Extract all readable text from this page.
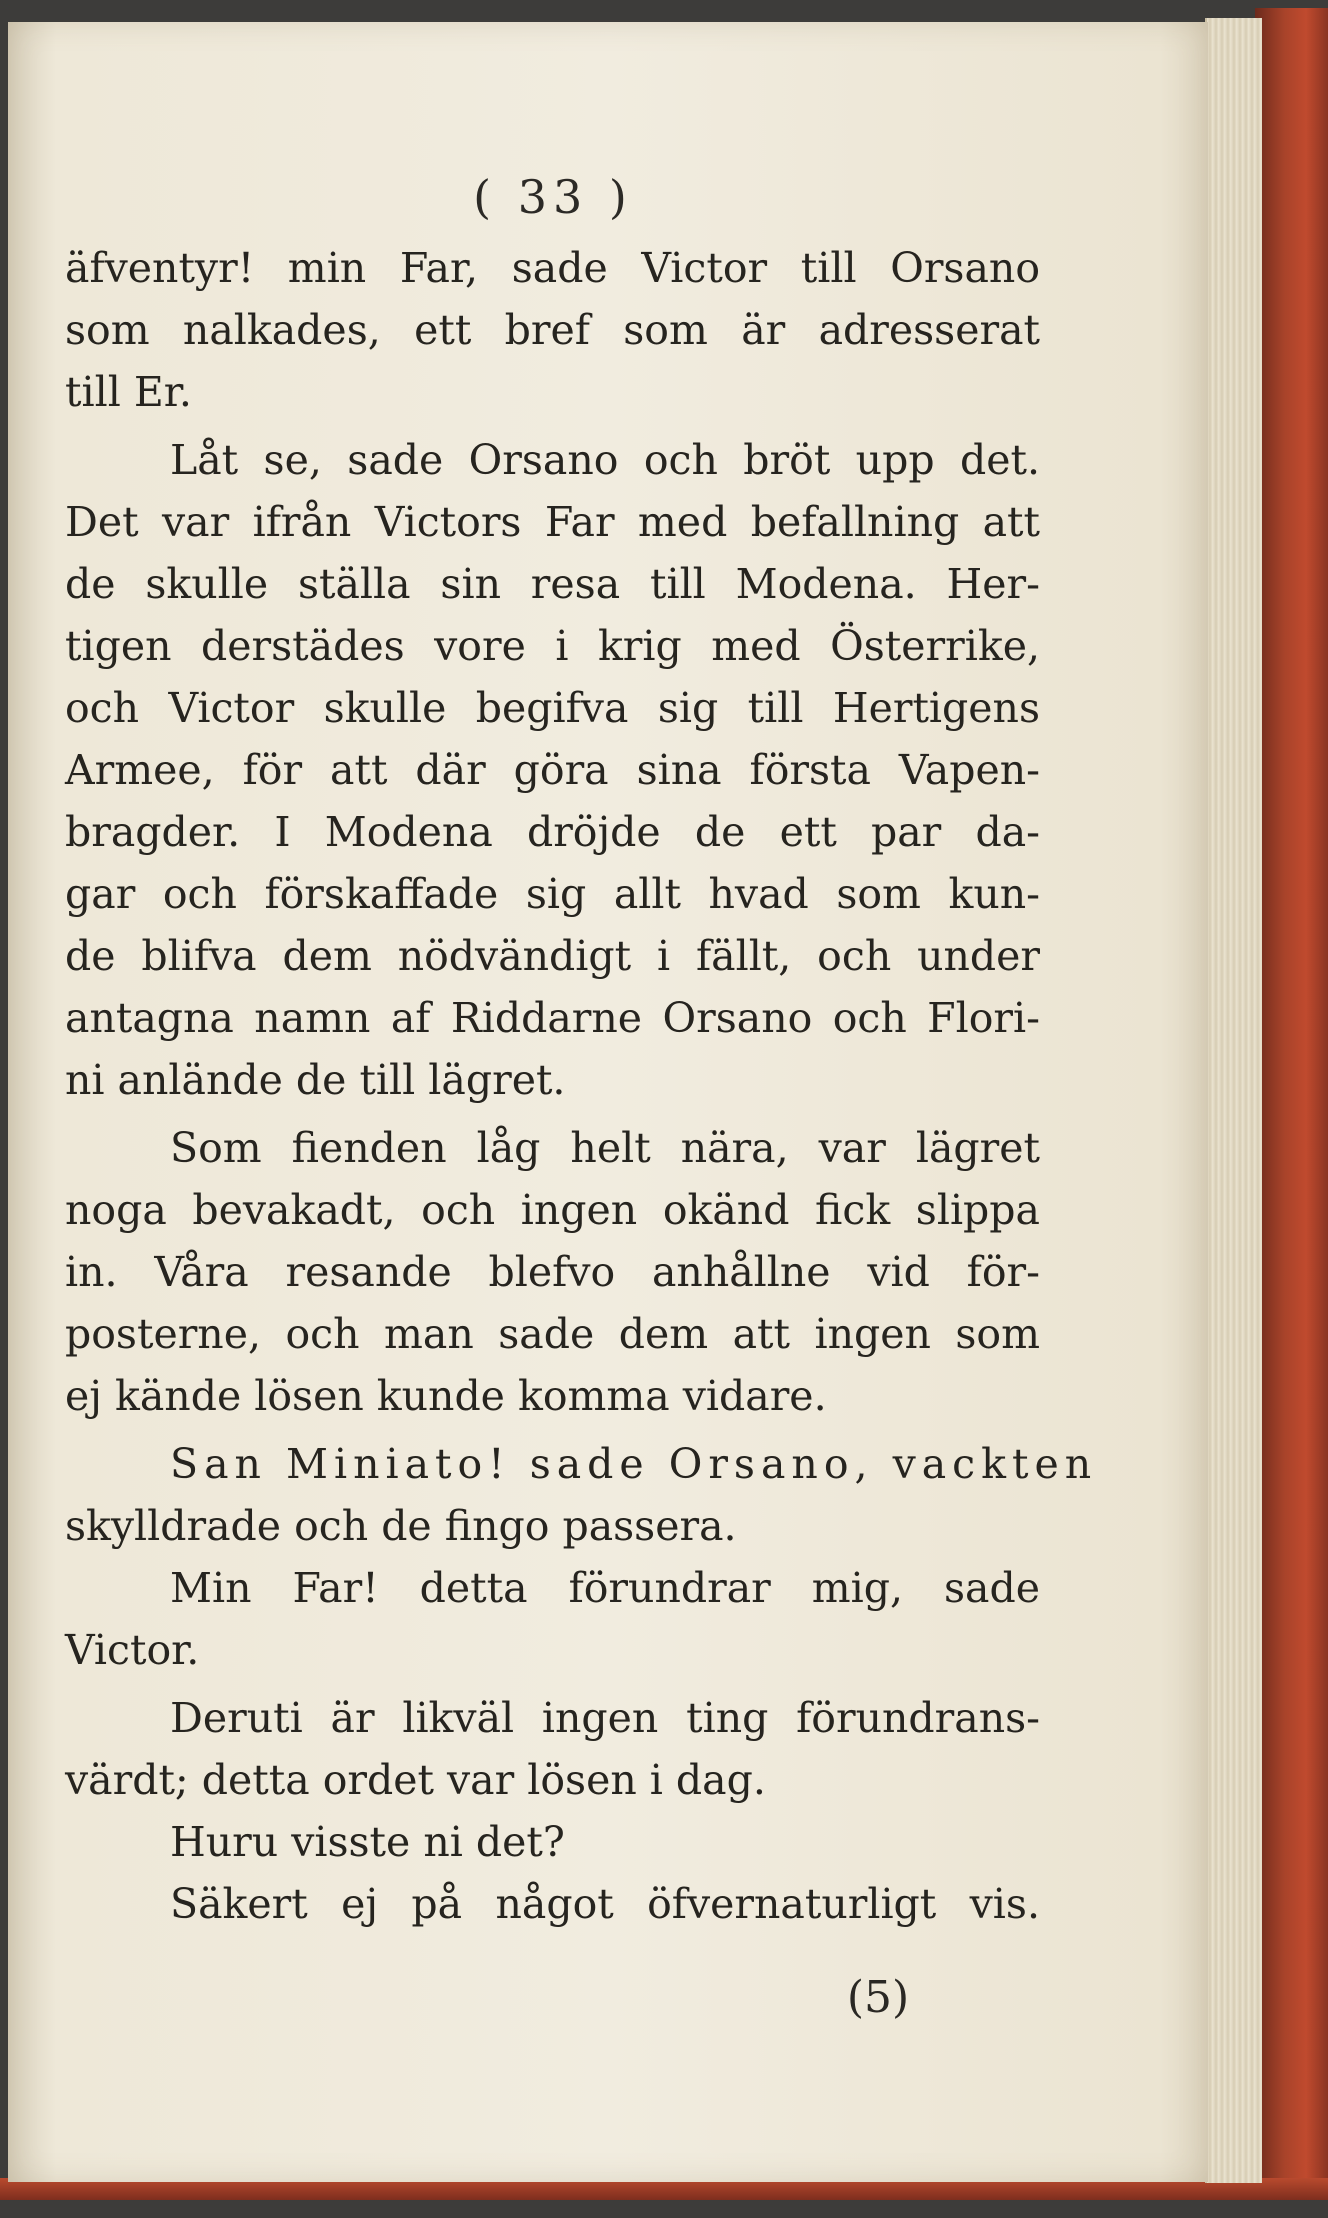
( 33 )
äfventyr! min Far, sade Victor till Orsano
som nalkades, ett bref som är adresserat
till Er.
Låt se, sade Orsano och bröt upp det.
Det var ifrån Victors Far med befallning att
de skulle ställa sin resa till Modena. Her-
tigen derstädes vore i krig med Österrike,
och Victor skulle begifva sig till Hertigens
Armee, för att där göra sina första Vapen-
bragder. I Modena dröjde de ett par da-
gar och förskaffade sig allt hvad som kun-
de blifva dem nödvändigt i fällt, och under
antagna namn af Riddarne Orsano och Flori-
ni anlände de till lägret.
Som fienden låg helt nära, var lägret
noga bevakadt, och ingen okänd fick slippa
in. Våra resande blefvo anhållne vid för-
posterne, och man sade dem att ingen som
ej kände lösen kunde komma vidare.
San Miniato! sade Orsano, vackten
skylldrade och de fingo passera.
Min Far! detta förundrar mig, sade
Victor.
Deruti är likväl ingen ting förundrans-
värdt; detta ordet var lösen i dag.
Huru visste ni det?
Säkert ej på något öfvernaturligt vis.
(5)
